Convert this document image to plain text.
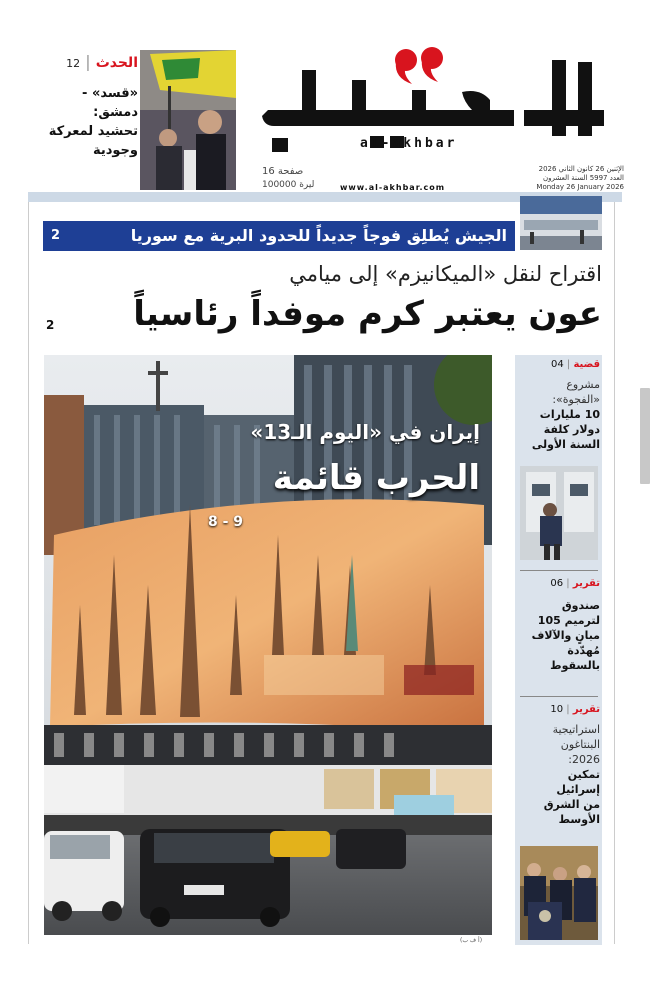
al-akhbar
الإثنين 26 كانون الثاني 2026
العدد 5997 السنة العشرون
Monday 26 January 2026
16 صفحة
100000 ليرة	www.al-akhbar.com
الحدث | 12
«قسد» -
دمشق:
تحشيد لمعركة
وجودية
الجيش يُطلِق فوجاً جديداً للحدود البرية مع سوريا
2
اقتراح لنقل «الميكانيزم» إلى ميامي
عون يعتبر كرم موفداً رئاسياً
2
إيران في «اليوم الـ13»
الحرب قائمة
8 - 9
(أ ف ب)
قضية | 04
مشروع
«الفجوة»:
10 مليارات
دولار كلفة
السنة الأولى
تقرير | 06
صندوق
لترميم 105
مبانٍ والآلاف
مُهدّدة
بالسقوط
تقرير | 10
استراتيجية
البنتاغون
2026:
تمكين
إسرائيل
من الشرق
الأوسط
